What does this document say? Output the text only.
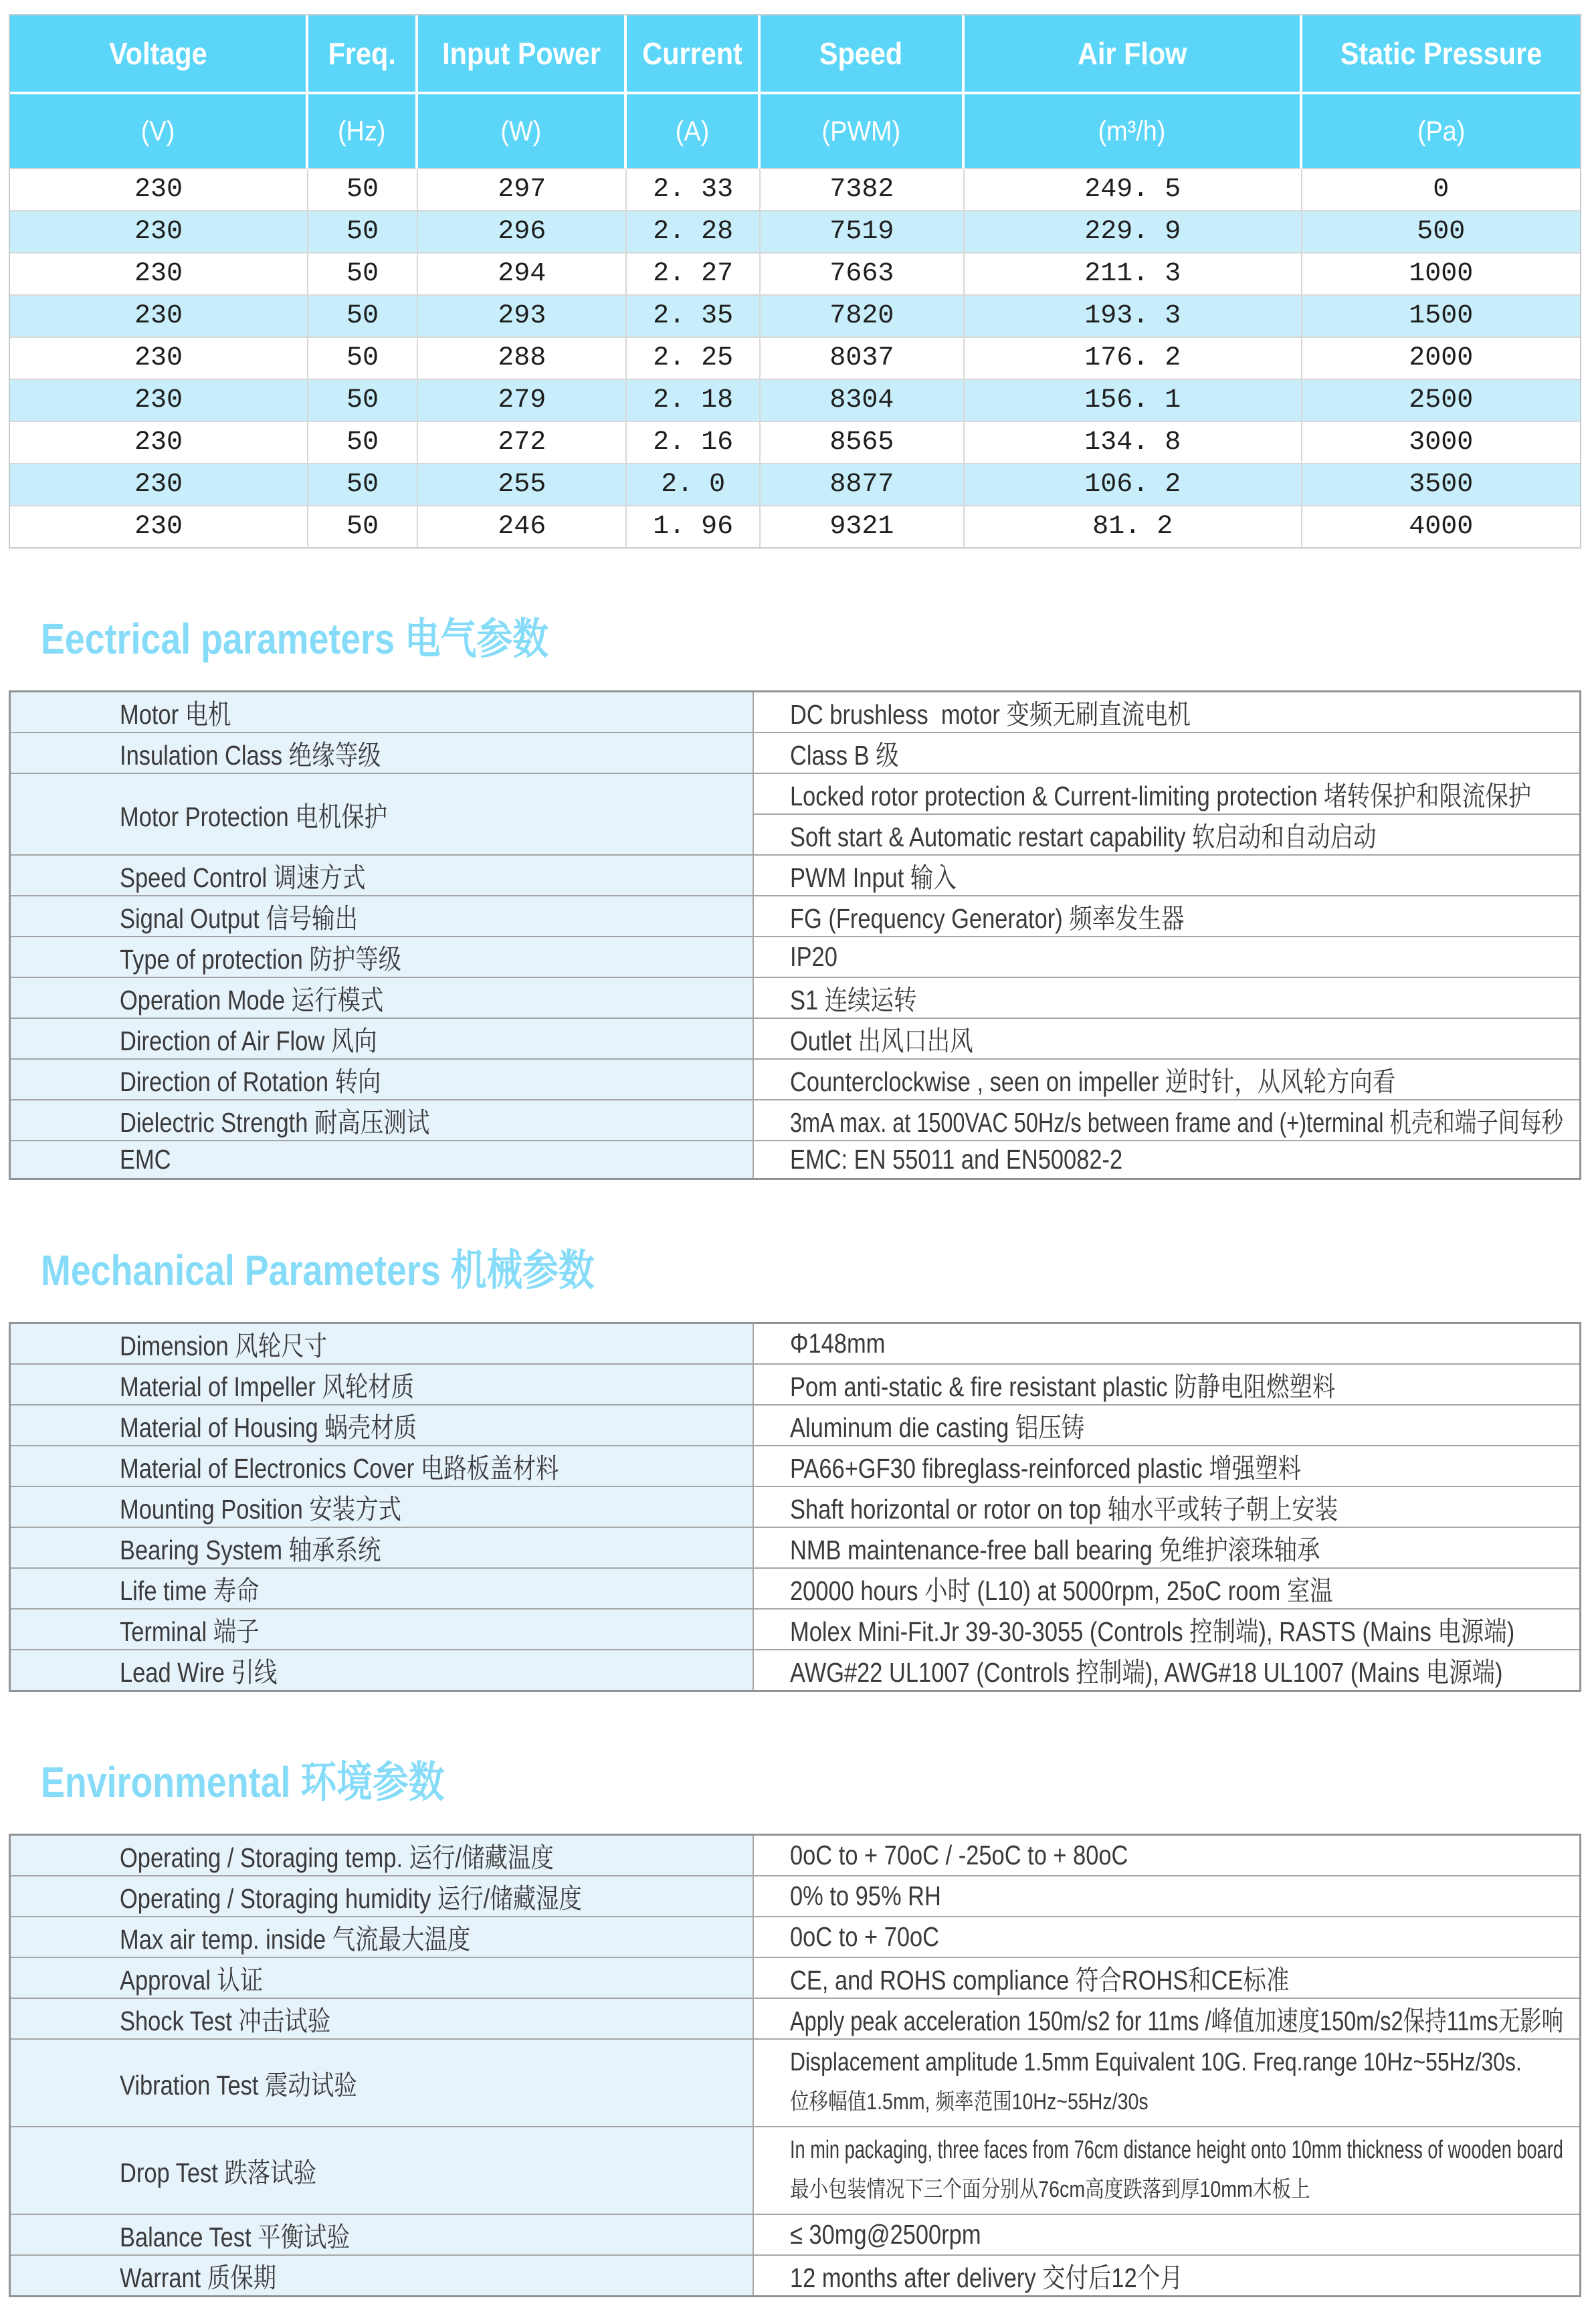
Voltage	Freq.	Input Power	Current	Speed	Air Flow	Static Pressure
(V)	(Hz)	(W)	(A)	(PWM)	(m³/h)	(Pa)
230	50	297	2. 33	7382	249. 5	0
230	50	296	2. 28	7519	229. 9	500
230	50	294	2. 27	7663	211. 3	1000
230	50	293	2. 35	7820	193. 3	1500
230	50	288	2. 25	8037	176. 2	2000
230	50	279	2. 18	8304	156. 1	2500
230	50	272	2. 16	8565	134. 8	3000
230	50	255	2. 0	8877	106. 2	3500
230	50	246	1. 96	9321	81. 2	4000
Eectrical parameters 电气参数
Motor 电机	DC brushless  motor 变频无刷直流电机
Insulation Class 绝缘等级	Class B 级
Motor Protection 电机保护	Locked rotor protection & Current-limiting protection 堵转保护和限流保护
	Soft start & Automatic restart capability 软启动和自动启动
Speed Control 调速方式	PWM Input 输入
Signal Output 信号输出	FG (Frequency Generator) 频率发生器
Type of protection 防护等级	IP20
Operation Mode 运行模式	S1 连续运转
Direction of Air Flow 风向	Outlet 出风口出风
Direction of Rotation 转向	Counterclockwise , seen on impeller 逆时针，从风轮方向看
Dielectric Strength 耐高压测试	3mA max. at 1500VAC 50Hz/s between frame and (+)terminal 机壳和端子间每秒
EMC	EMC: EN 55011 and EN50082-2
Mechanical Parameters 机械参数
Dimension 风轮尺寸	Φ148mm
Material of Impeller 风轮材质	Pom anti-static & fire resistant plastic 防静电阻燃塑料
Material of Housing 蜗壳材质	Aluminum die casting 铝压铸
Material of Electronics Cover 电路板盖材料	PA66+GF30 fibreglass-reinforced plastic 增强塑料
Mounting Position 安装方式	Shaft horizontal or rotor on top 轴水平或转子朝上安装
Bearing System 轴承系统	NMB maintenance-free ball bearing 免维护滚珠轴承
Life time 寿命	20000 hours 小时 (L10) at 5000rpm, 25oC room 室温
Terminal 端子	Molex Mini-Fit.Jr 39-30-3055 (Controls 控制端), RASTS (Mains 电源端)
Lead Wire 引线	AWG#22 UL1007 (Controls 控制端), AWG#18 UL1007 (Mains 电源端)
Environmental 环境参数
Operating / Storaging temp. 运行/储藏温度	0oC to + 70oC / -25oC to + 80oC
Operating / Storaging humidity 运行/储藏湿度	0% to 95% RH
Max air temp. inside 气流最大温度	0oC to + 70oC
Approval 认证	CE, and ROHS compliance 符合ROHS和CE标准
Shock Test 冲击试验	Apply peak acceleration 150m/s2 for 11ms /峰值加速度150m/s2保持11ms无影响
Vibration Test 震动试验	Displacement amplitude 1.5mm Equivalent 10G. Freq.range 10Hz~55Hz/30s.
位移幅值1.5mm, 频率范围10Hz~55Hz/30s

Drop Test 跌落试验	In min packaging, three faces from 76cm distance height onto 10mm thickness of wooden board
最小包装情况下三个面分别从76cm高度跌落到厚10mm木板上

Balance Test 平衡试验	≤ 30mg@2500rpm
Warrant 质保期	12 months after delivery 交付后12个月
